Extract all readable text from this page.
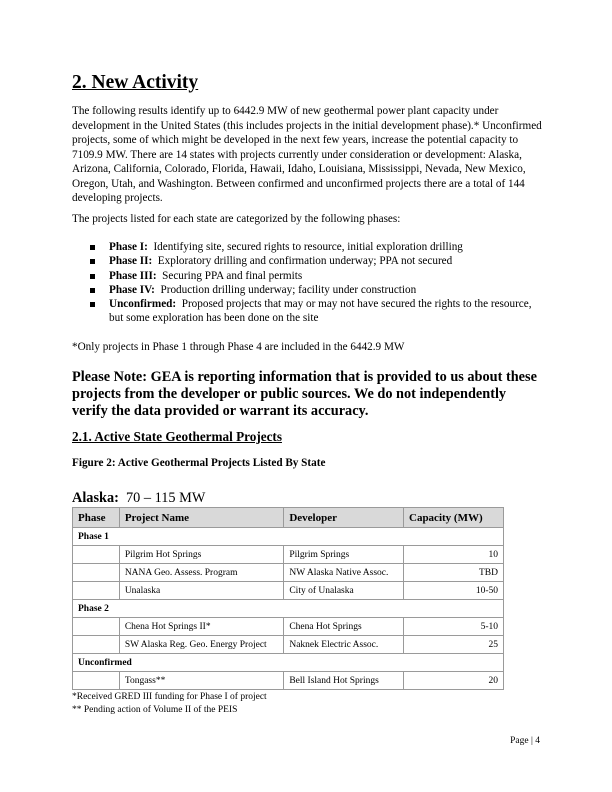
2. New Activity

The following results identify up to 6442.9 MW of new geothermal power plant capacity under development in the United States (this includes projects in the initial development phase).* Unconfirmed projects, some of which might be developed in the next few years, increase the potential capacity to 7109.9 MW. There are 14 states with projects currently under consideration or development: Alaska, Arizona, California, Colorado, Florida, Hawaii, Idaho, Louisiana, Mississippi, Nevada, New Mexico, Oregon, Utah, and Washington. Between confirmed and unconfirmed projects there are a total of 144 developing projects.

The projects listed for each state are categorized by the following phases:

Phase I: Identifying site, secured rights to resource, initial exploration drilling
Phase II: Exploratory drilling and confirmation underway; PPA not secured
Phase III: Securing PPA and final permits
Phase IV: Production drilling underway; facility under construction
Unconfirmed: Proposed projects that may or may not have secured the rights to the resource, but some exploration has been done on the site

*Only projects in Phase 1 through Phase 4 are included in the 6442.9 MW

Please Note: GEA is reporting information that is provided to us about these projects from the developer or public sources. We do not independently verify the data provided or warrant its accuracy.

2.1. Active State Geothermal Projects

Figure 2: Active Geothermal Projects Listed By State

Alaska: 70 – 115 MW

Phase	Project Name	Developer	Capacity (MW)
Phase 1			
	Pilgrim Hot Springs	Pilgrim Springs	10
	NANA Geo. Assess. Program	NW Alaska Native Assoc.	TBD
	Unalaska	City of Unalaska	10-50
Phase 2			
	Chena Hot Springs II*	Chena Hot Springs	5-10
	SW Alaska Reg. Geo. Energy Project	Naknek Electric Assoc.	25
Unconfirmed			
	Tongass**	Bell Island Hot Springs	20

*Received GRED III funding for Phase I of project

** Pending action of Volume II of the PEIS

Page | 4
